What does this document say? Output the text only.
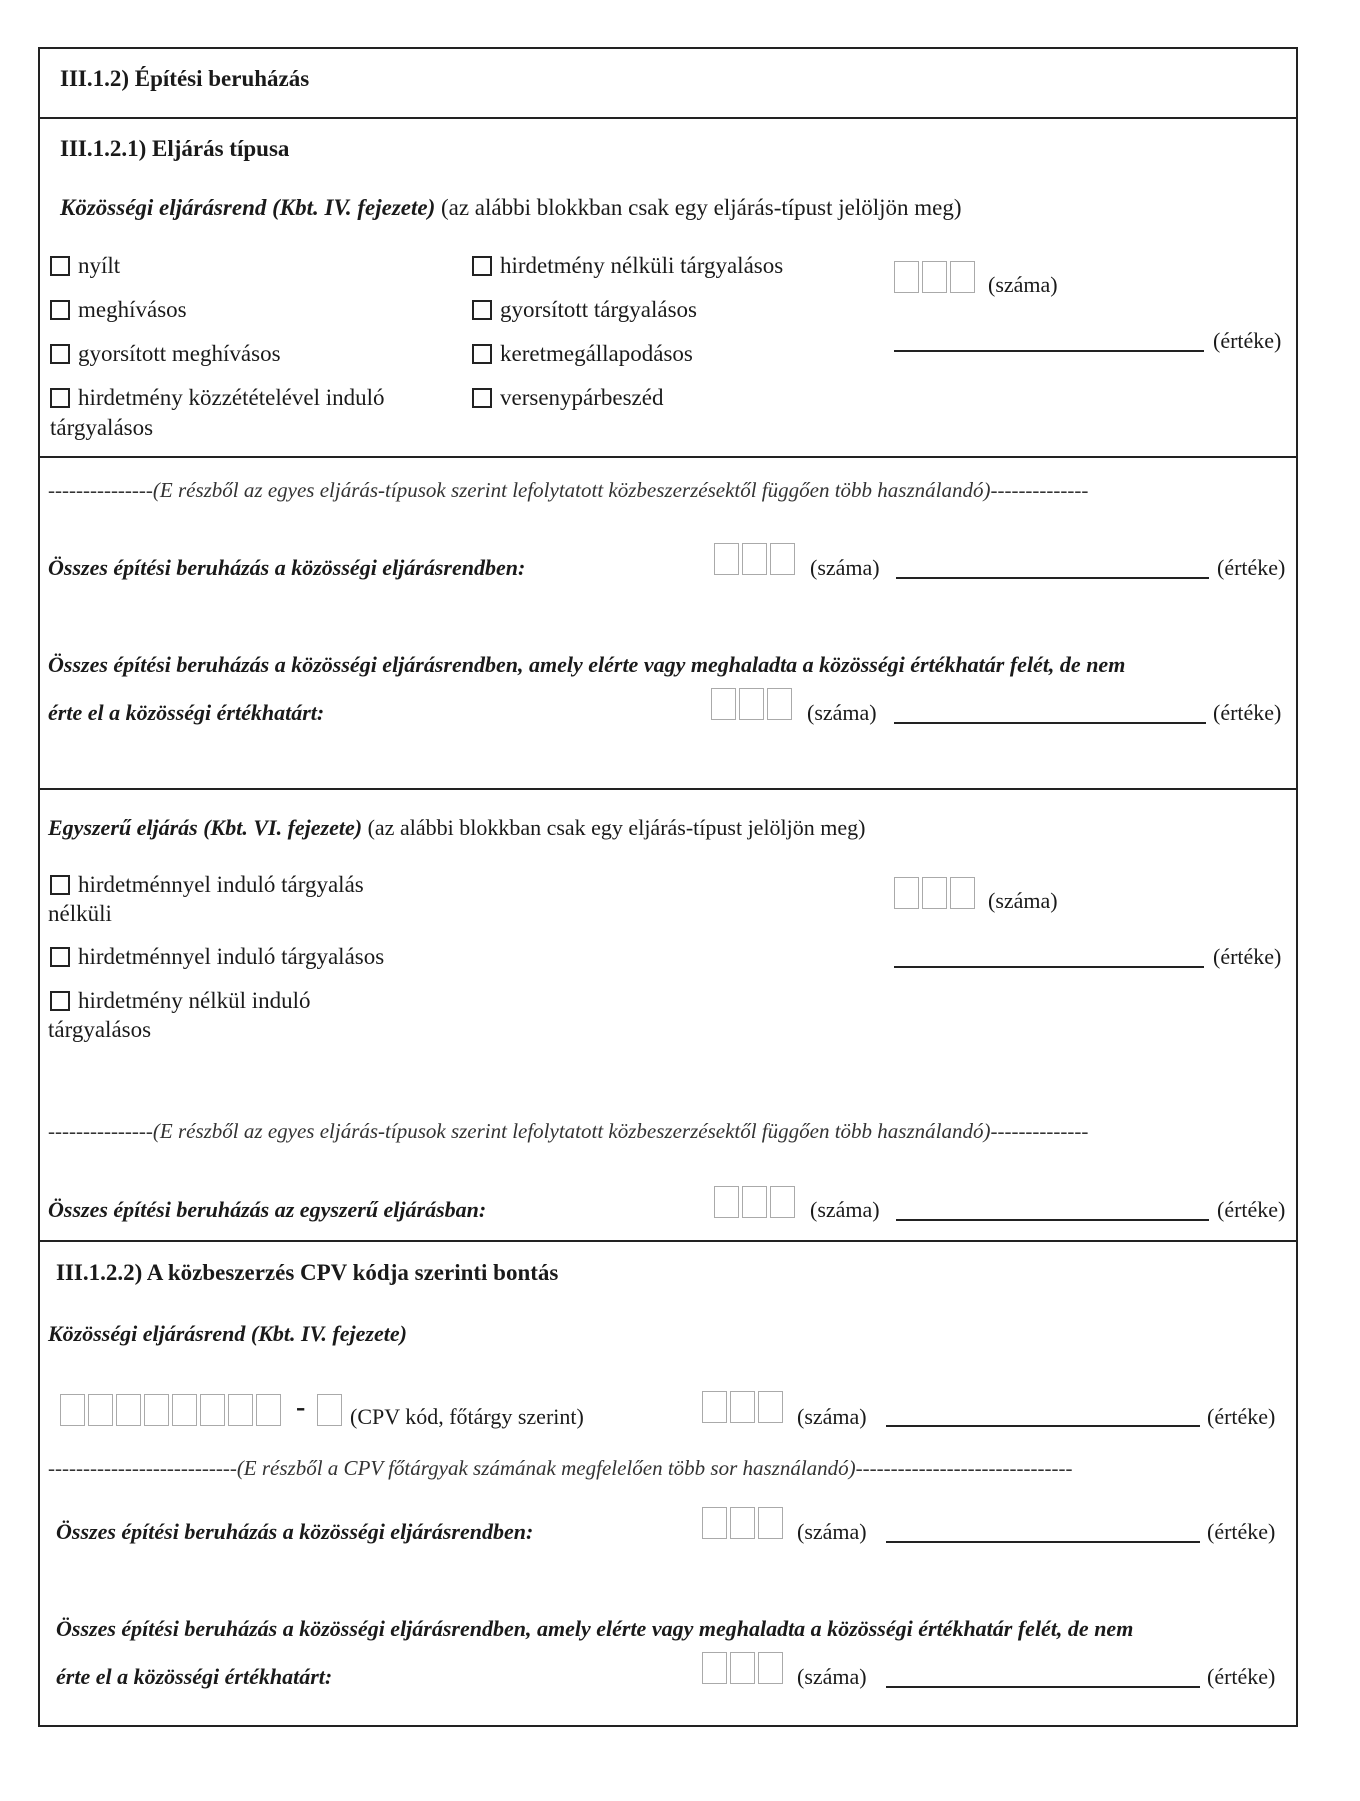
III.1.2) Építési beruházás
III.1.2.1) Eljárás típusa
Közösségi eljárásrend (Kbt. IV. fejezete) (az alábbi blokkban csak egy eljárás-típust jelöljön meg)
nyílt
meghívásos
gyorsított meghívásos
hirdetmény közzétételével induló
tárgyalásos
hirdetmény nélküli tárgyalásos
gyorsított tárgyalásos
keretmegállapodásos
versenypárbeszéd
(száma)
(értéke)
---------------(E részből az egyes eljárás-típusok szerint lefolytatott közbeszerzésektől függően több használandó)--------------
Összes építési beruházás a közösségi eljárásrendben:	(száma)	(értéke)
Összes építési beruházás a közösségi eljárásrendben, amely elérte vagy meghaladta a közösségi értékhatár felét, de nem
érte el a közösségi értékhatárt:	(száma)	(értéke)
Egyszerű eljárás (Kbt. VI. fejezete) (az alábbi blokkban csak egy eljárás-típust jelöljön meg)
hirdetménnyel induló tárgyalás
nélküli
hirdetménnyel induló tárgyalásos
hirdetmény nélkül induló
tárgyalásos
(száma)
(értéke)
---------------(E részből az egyes eljárás-típusok szerint lefolytatott közbeszerzésektől függően több használandó)--------------
Összes építési beruházás az egyszerű eljárásban:	(száma)	(értéke)
III.1.2.2) A közbeszerzés CPV kódja szerinti bontás
Közösségi eljárásrend (Kbt. IV. fejezete)
- (CPV kód, főtárgy szerint)	(száma)	(értéke)
---------------------------(E részből a CPV főtárgyak számának megfelelően több sor használandó)-------------------------------
Összes építési beruházás a közösségi eljárásrendben:	(száma)	(értéke)
Összes építési beruházás a közösségi eljárásrendben, amely elérte vagy meghaladta a közösségi értékhatár felét, de nem
érte el a közösségi értékhatárt:	(száma)	(értéke)
